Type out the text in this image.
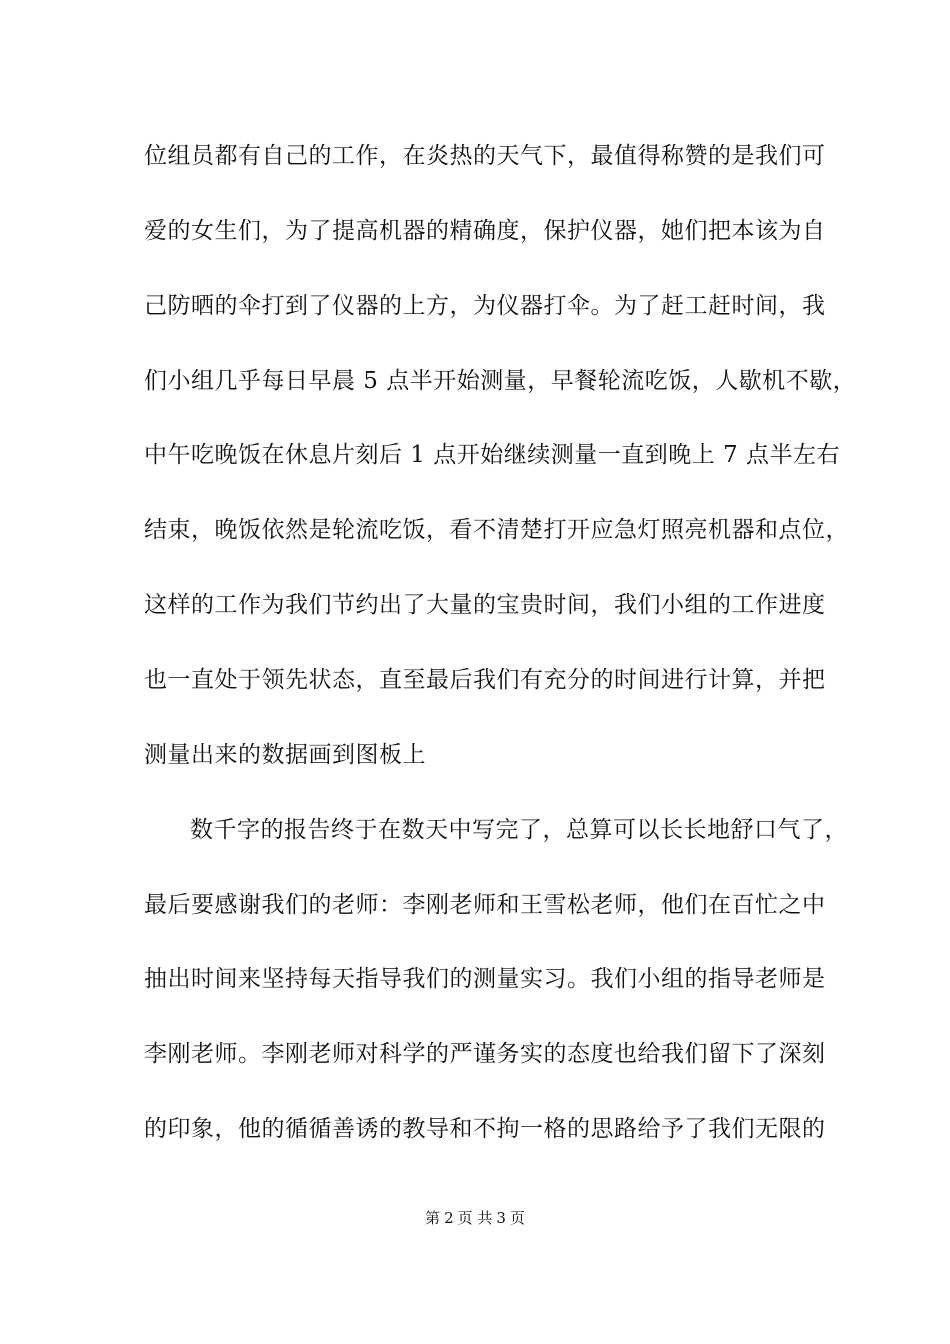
位组员都有自己的工作，在炎热的天气下，最值得称赞的是我们可
爱的女生们，为了提高机器的精确度，保护仪器，她们把本该为自
己防晒的伞打到了仪器的上方，为仪器打伞。为了赶工赶时间，我
们小组几乎每日早晨 5 点半开始测量，早餐轮流吃饭，人歇机不歇，
中午吃晚饭在休息片刻后 1 点开始继续测量一直到晚上 7 点半左右
结束，晚饭依然是轮流吃饭，看不清楚打开应急灯照亮机器和点位，
这样的工作为我们节约出了大量的宝贵时间，我们小组的工作进度
也一直处于领先状态，直至最后我们有充分的时间进行计算，并把
测量出来的数据画到图板上
数千字的报告终于在数天中写完了，总算可以长长地舒口气了，
最后要感谢我们的老师：李刚老师和王雪松老师，他们在百忙之中
抽出时间来坚持每天指导我们的测量实习。我们小组的指导老师是
李刚老师。李刚老师对科学的严谨务实的态度也给我们留下了深刻
的印象，他的循循善诱的教导和不拘一格的思路给予了我们无限的
第 2 页 共 3 页
